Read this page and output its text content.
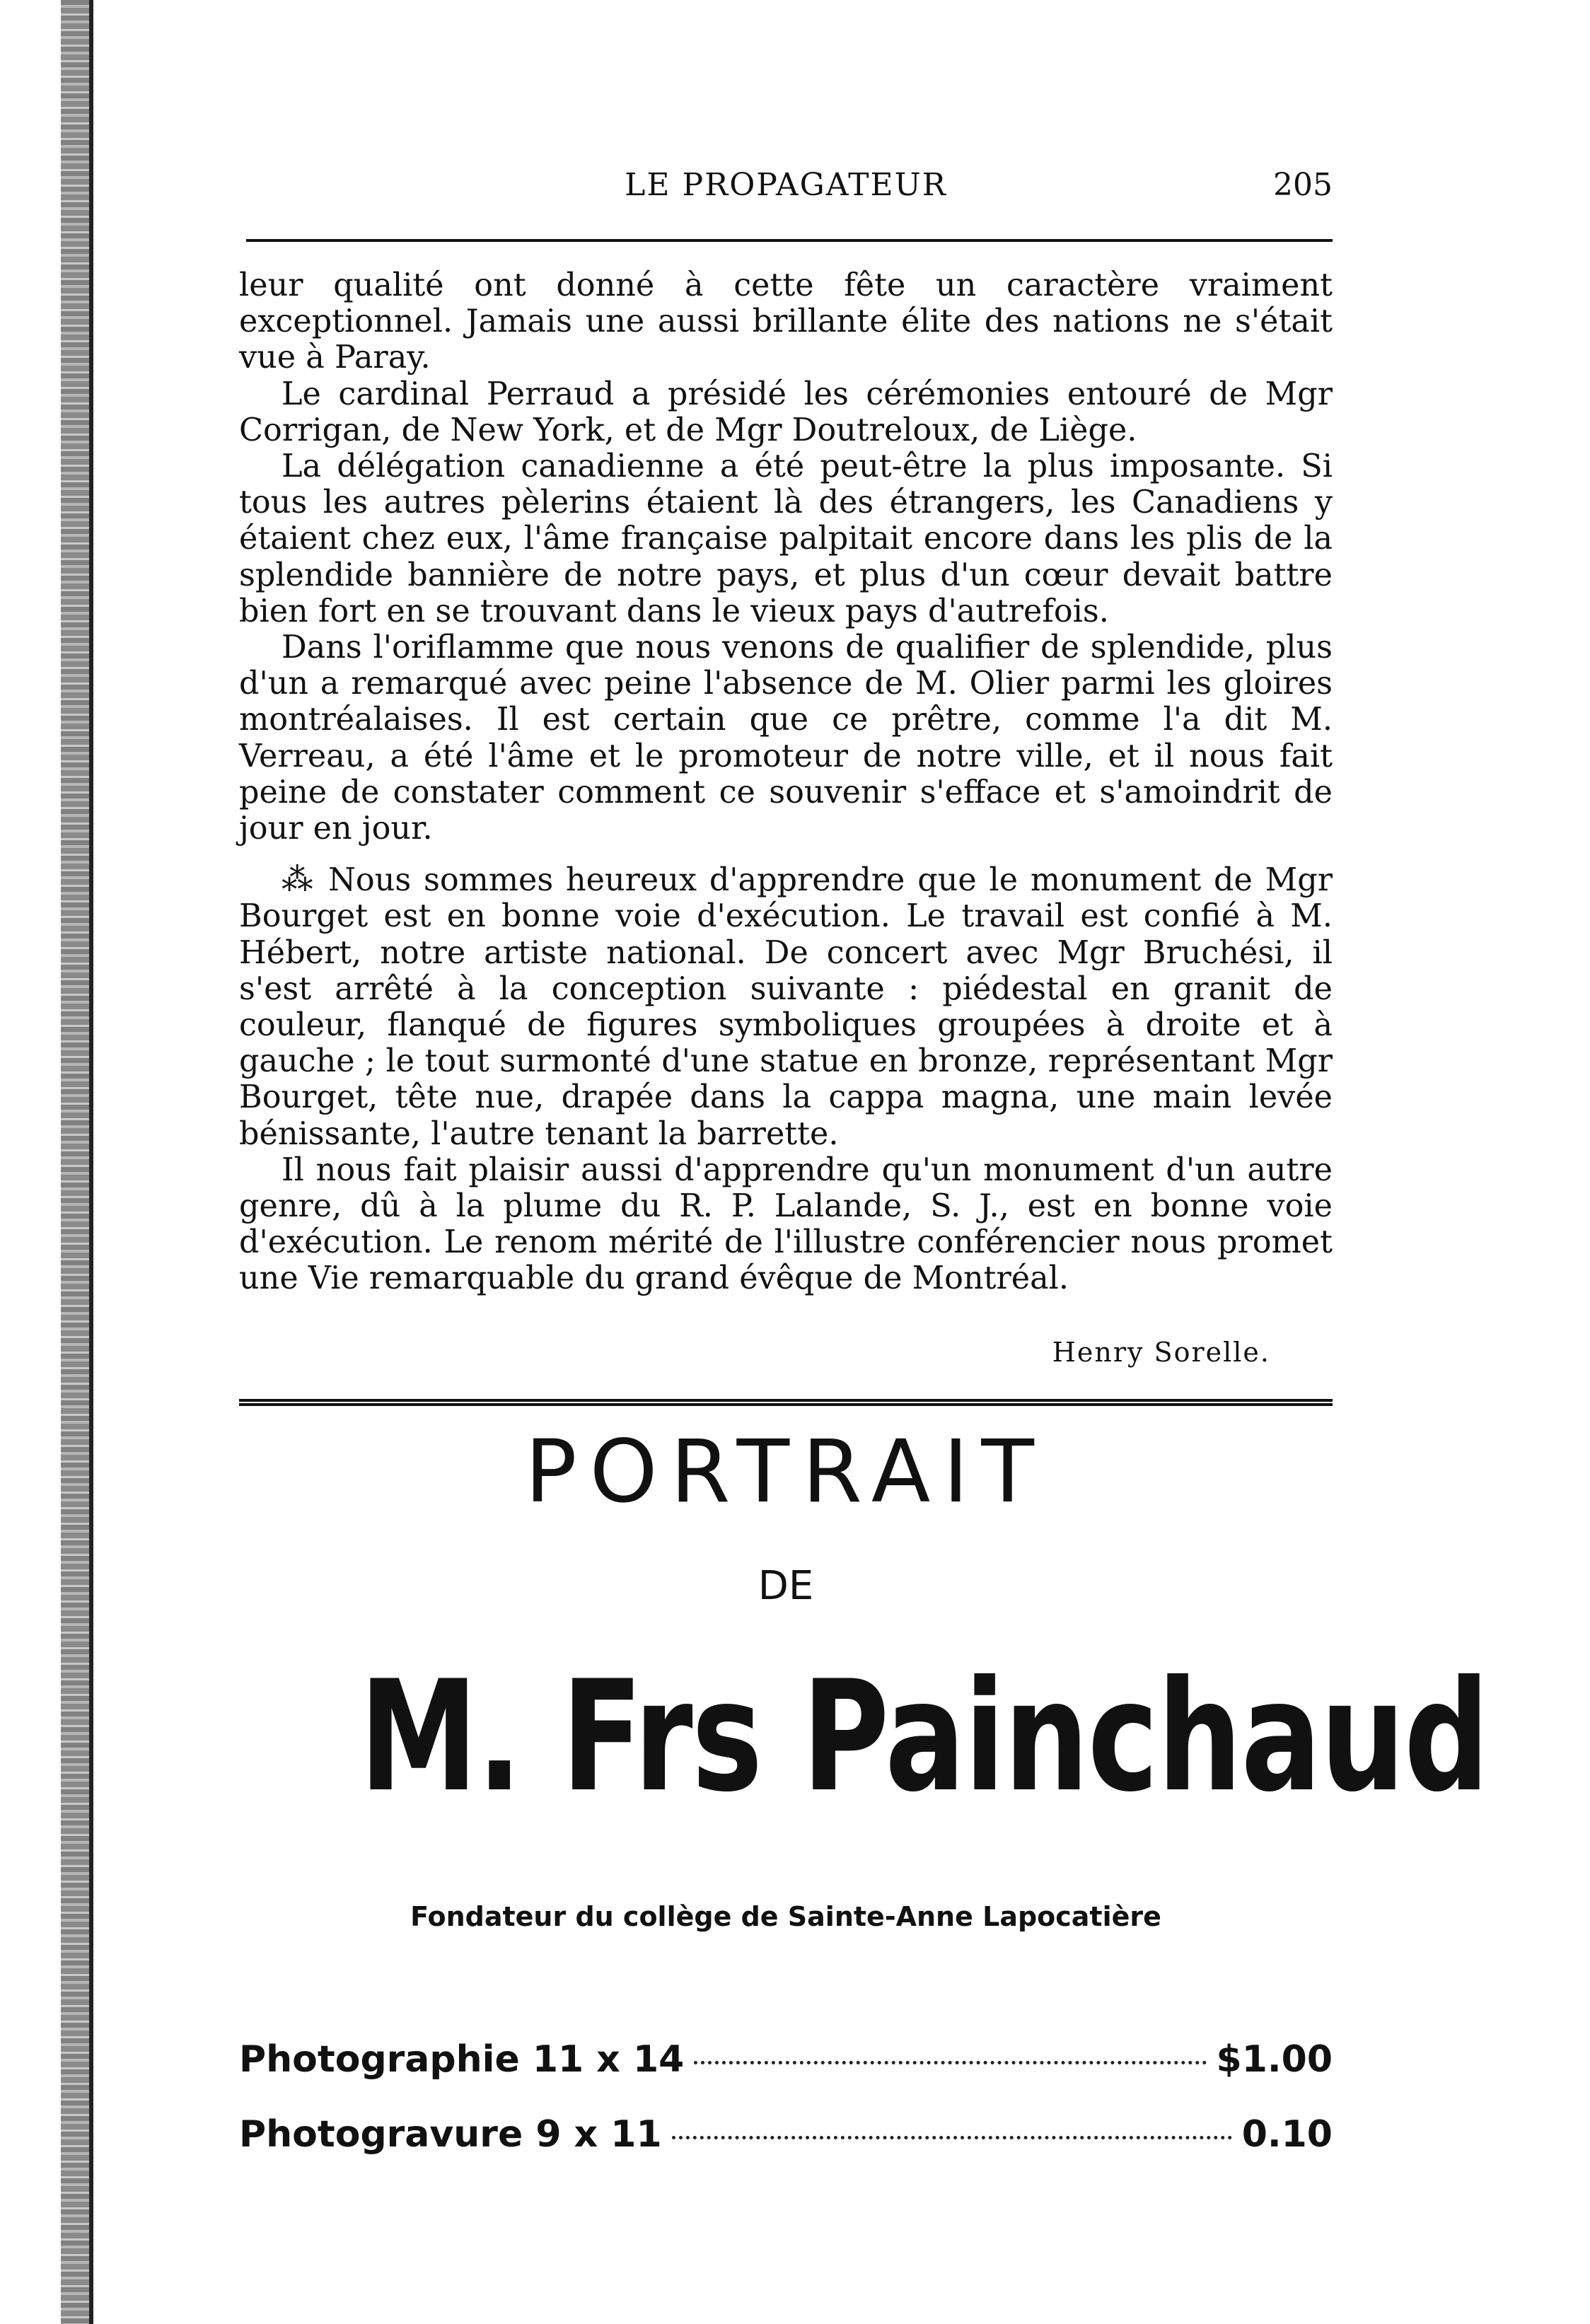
LE PROPAGATEUR	205

leur qualité ont donné à cette fête un caractère vraiment exceptionnel. Jamais une aussi brillante élite des nations ne s'était vue à Paray.

Le cardinal Perraud a présidé les cérémonies entouré de Mgr Corrigan, de New York, et de Mgr Doutreloux, de Liège.

La délégation canadienne a été peut-être la plus imposante. Si tous les autres pèlerins étaient là des étrangers, les Canadiens y étaient chez eux, l'âme française palpitait encore dans les plis de la splendide bannière de notre pays, et plus d'un cœur devait battre bien fort en se trouvant dans le vieux pays d'autrefois.

Dans l'oriflamme que nous venons de qualifier de splendide, plus d'un a remarqué avec peine l'absence de M. Olier parmi les gloires montréalaises. Il est certain que ce prêtre, comme l'a dit M. Verreau, a été l'âme et le promoteur de notre ville, et il nous fait peine de constater comment ce souvenir s'efface et s'amoindrit de jour en jour.

⁂ Nous sommes heureux d'apprendre que le monument de Mgr Bourget est en bonne voie d'exécution. Le travail est confié à M. Hébert, notre artiste national. De concert avec Mgr Bruchési, il s'est arrêté à la conception suivante : piédestal en granit de couleur, flanqué de figures symboliques groupées à droite et à gauche ; le tout surmonté d'une statue en bronze, représentant Mgr Bourget, tête nue, drapée dans la cappa magna, une main levée bénissante, l'autre tenant la barrette.

Il nous fait plaisir aussi d'apprendre qu'un monument d'un autre genre, dû à la plume du R. P. Lalande, S. J., est en bonne voie d'exécution. Le renom mérité de l'illustre conférencier nous promet une Vie remarquable du grand évêque de Montréal.

Henry Sorelle.
PORTRAIT
DE
M. Frs Painchaud
Fondateur du collège de Sainte-Anne Lapocatière
Photographie 11 x 14	$1.00
Photogravure 9 x 11	0.10
